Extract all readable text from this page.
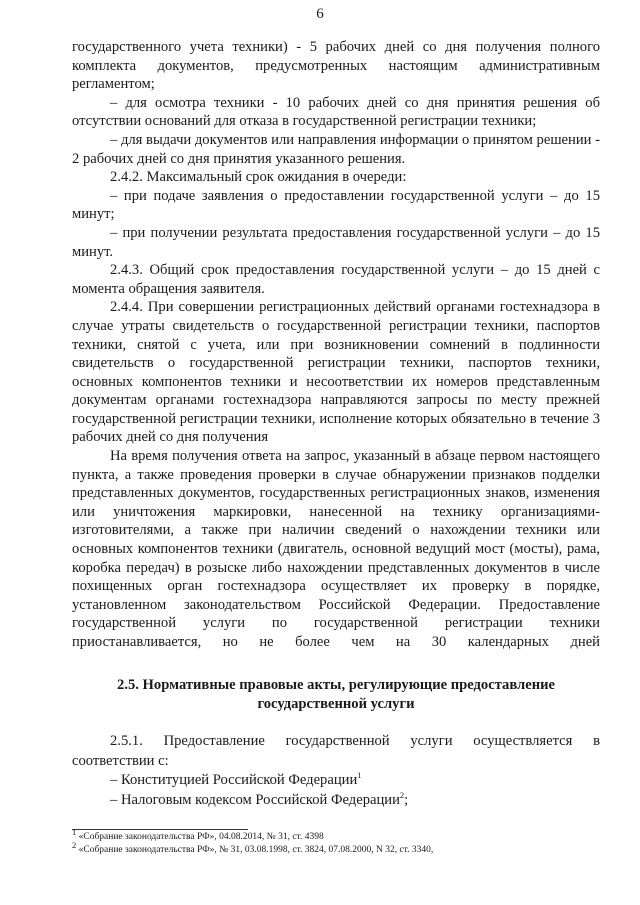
6

государственного учета техники) - 5 рабочих дней со дня получения полного комплекта документов, предусмотренных настоящим административным регламентом;

– для осмотра техники - 10 рабочих дней со дня принятия решения об отсутствии оснований для отказа в государственной регистрации техники;

– для выдачи документов или направления информации о принятом решении - 2 рабочих дней со дня принятия указанного решения.

2.4.2. Максимальный срок ожидания в очереди:

– при подаче заявления о предоставлении государственной услуги – до 15 минут;

– при получении результата предоставления государственной услуги – до 15 минут.

2.4.3. Общий срок предоставления государственной услуги – до 15 дней с момента обращения заявителя.

2.4.4. При совершении регистрационных действий органами гостехнадзора в случае утраты свидетельств о государственной регистрации техники, паспортов техники, снятой с учета, или при возникновении сомнений в подлинности свидетельств о государственной регистрации техники, паспортов техники, основных компонентов техники и несоответствии их номеров представленным документам органами гостехнадзора направляются запросы по месту прежней государственной регистрации техники, исполнение которых обязательно в течение 3 рабочих дней со дня получения

На время получения ответа на запрос, указанный в абзаце первом настоящего пункта, а также проведения проверки в случае обнаружении признаков подделки представленных документов, государственных регистрационных знаков, изменения или уничтожения маркировки, нанесенной на технику организациями-изготовителями, а также при наличии сведений о нахождении техники или основных компонентов техники (двигатель, основной ведущий мост (мосты), рама, коробка передач) в розыске либо нахождении представленных документов в числе похищенных орган гостехнадзора осуществляет их проверку в порядке, установленном законодательством Российской Федерации. Предоставление государственной услуги по государственной регистрации техники приостанавливается, но не более чем на 30 календарных дней

2.5. Нормативные правовые акты, регулирующие предоставление
государственной услуги

2.5.1. Предоставление государственной услуги осуществляется в соответствии с:

– Конституцией Российской Федерации$^1$

– Налоговым кодексом Российской Федерации$^2$;

$^1$ «Собрание законодательства РФ», 04.08.2014, № 31, ст. 4398

$^2$ «Собрание законодательства РФ», № 31, 03.08.1998, ст. 3824, 07.08.2000, N 32, ст. 3340,
